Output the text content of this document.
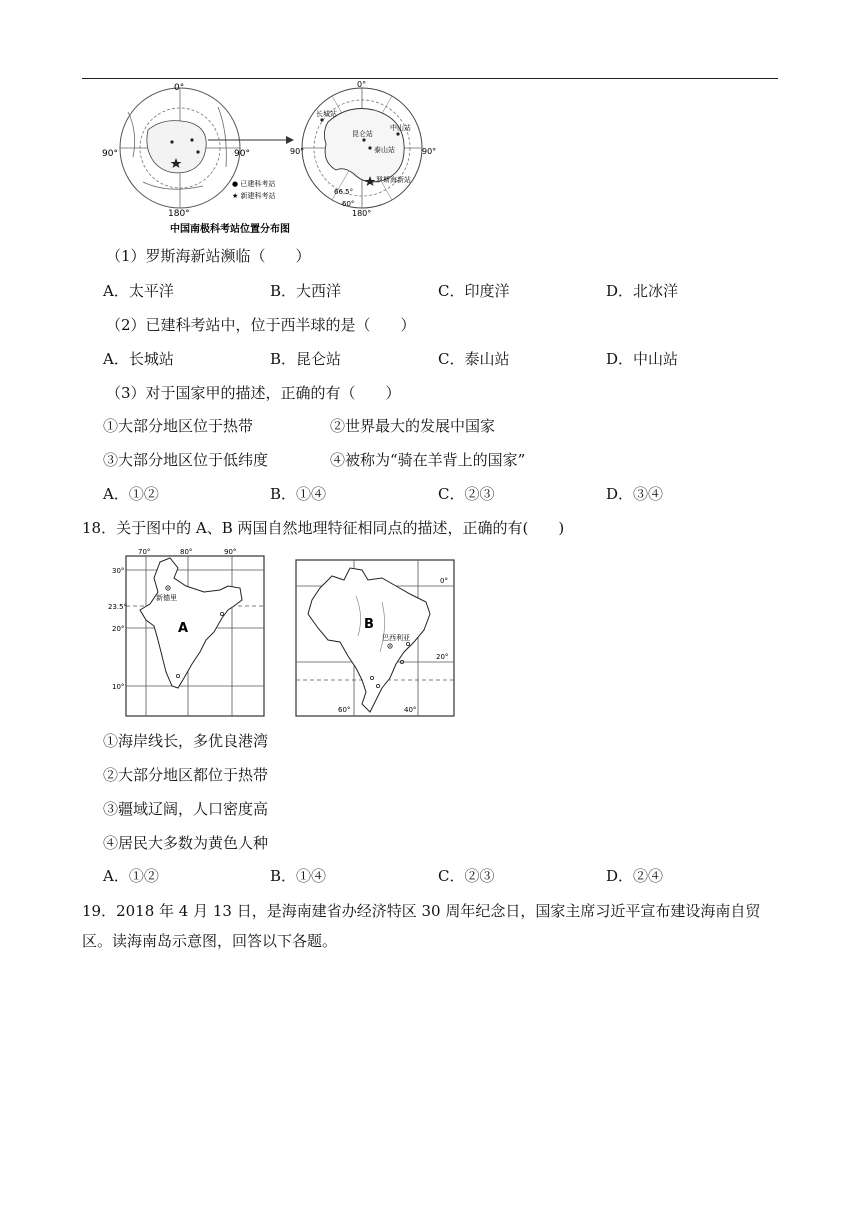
0°
90°	90°
180°
● 已建科考站
★ 新建科考站
0°
90°	90°
180°
长城站
昆仑站
中山站
泰山站
罗斯海新站
66.5°
60°
中国南极科考站位置分布图
（1）罗斯海新站濒临（　　）
A．太平洋	B．大西洋	C．印度洋	D．北冰洋
（2）已建科考站中，位于西半球的是（　　）
A．长城站	B．昆仑站	C．泰山站	D．中山站
（3）对于国家甲的描述，正确的有（　　）
①大部分地区位于热带	②世界最大的发展中国家
③大部分地区位于低纬度	④被称为“骑在羊背上的国家”
A．①②	B．①④	C．②③	D．③④
18．关于图中的 A、B 两国自然地理特征相同点的描述，正确的有(　　)
A
新德里
70°	80°	90°
30°
23.5°
20°
10°
B
巴西利亚
60°	40°
0°
20°
①海岸线长，多优良港湾
②大部分地区都位于热带
③疆域辽阔，人口密度高
④居民大多数为黄色人种
A．①②	B．①④	C．②③	D．②④
19．2018 年 4 月 13 日，是海南建省办经济特区 30 周年纪念日，国家主席习近平宣布建设海南自贸区。读海南岛示意图，回答以下各题。
